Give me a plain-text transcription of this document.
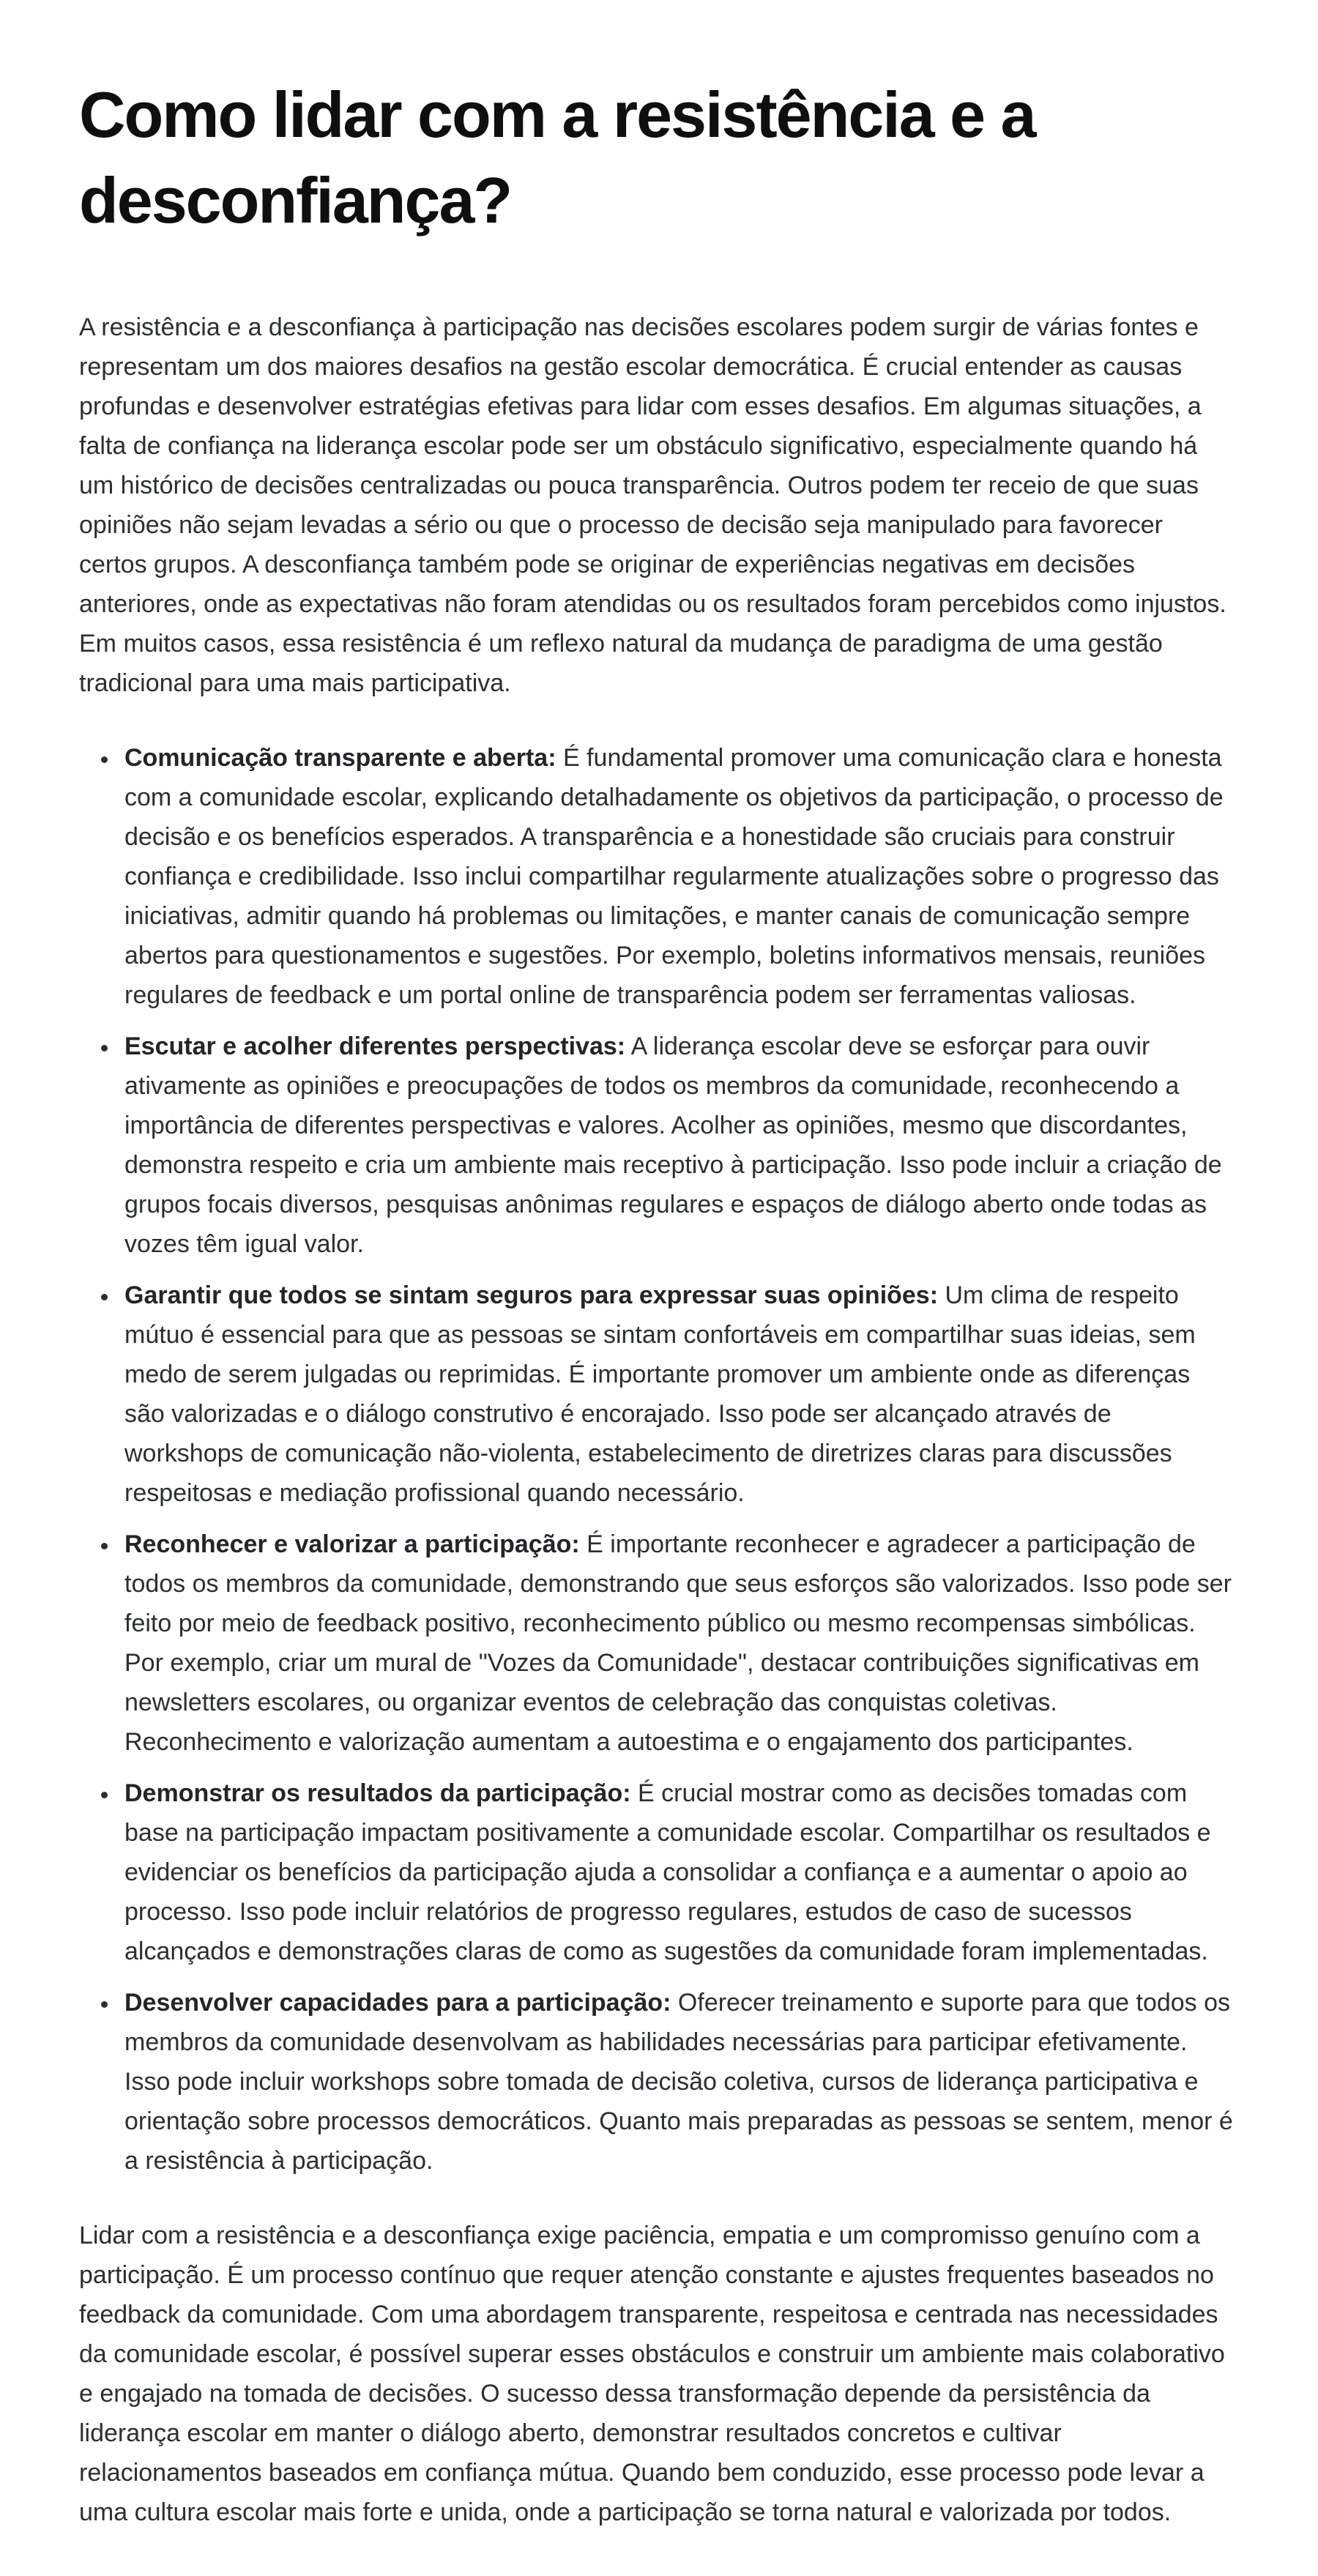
Como lidar com a resistência e a desconfiança?

A resistência e a desconfiança à participação nas decisões escolares podem surgir de várias fontes e representam um dos maiores desafios na gestão escolar democrática. É crucial entender as causas profundas e desenvolver estratégias efetivas para lidar com esses desafios. Em algumas situações, a falta de confiança na liderança escolar pode ser um obstáculo significativo, especialmente quando há um histórico de decisões centralizadas ou pouca transparência. Outros podem ter receio de que suas opiniões não sejam levadas a sério ou que o processo de decisão seja manipulado para favorecer certos grupos. A desconfiança também pode se originar de experiências negativas em decisões anteriores, onde as expectativas não foram atendidas ou os resultados foram percebidos como injustos. Em muitos casos, essa resistência é um reflexo natural da mudança de paradigma de uma gestão tradicional para uma mais participativa.

• Comunicação transparente e aberta: É fundamental promover uma comunicação clara e honesta com a comunidade escolar, explicando detalhadamente os objetivos da participação, o processo de decisão e os benefícios esperados. A transparência e a honestidade são cruciais para construir confiança e credibilidade. Isso inclui compartilhar regularmente atualizações sobre o progresso das iniciativas, admitir quando há problemas ou limitações, e manter canais de comunicação sempre abertos para questionamentos e sugestões. Por exemplo, boletins informativos mensais, reuniões regulares de feedback e um portal online de transparência podem ser ferramentas valiosas.
• Escutar e acolher diferentes perspectivas: A liderança escolar deve se esforçar para ouvir ativamente as opiniões e preocupações de todos os membros da comunidade, reconhecendo a importância de diferentes perspectivas e valores. Acolher as opiniões, mesmo que discordantes, demonstra respeito e cria um ambiente mais receptivo à participação. Isso pode incluir a criação de grupos focais diversos, pesquisas anônimas regulares e espaços de diálogo aberto onde todas as vozes têm igual valor.
• Garantir que todos se sintam seguros para expressar suas opiniões: Um clima de respeito mútuo é essencial para que as pessoas se sintam confortáveis em compartilhar suas ideias, sem medo de serem julgadas ou reprimidas. É importante promover um ambiente onde as diferenças são valorizadas e o diálogo construtivo é encorajado. Isso pode ser alcançado através de workshops de comunicação não-violenta, estabelecimento de diretrizes claras para discussões respeitosas e mediação profissional quando necessário.
• Reconhecer e valorizar a participação: É importante reconhecer e agradecer a participação de todos os membros da comunidade, demonstrando que seus esforços são valorizados. Isso pode ser feito por meio de feedback positivo, reconhecimento público ou mesmo recompensas simbólicas. Por exemplo, criar um mural de "Vozes da Comunidade", destacar contribuições significativas em newsletters escolares, ou organizar eventos de celebração das conquistas coletivas. Reconhecimento e valorização aumentam a autoestima e o engajamento dos participantes.
• Demonstrar os resultados da participação: É crucial mostrar como as decisões tomadas com base na participação impactam positivamente a comunidade escolar. Compartilhar os resultados e evidenciar os benefícios da participação ajuda a consolidar a confiança e a aumentar o apoio ao processo. Isso pode incluir relatórios de progresso regulares, estudos de caso de sucessos alcançados e demonstrações claras de como as sugestões da comunidade foram implementadas.
• Desenvolver capacidades para a participação: Oferecer treinamento e suporte para que todos os membros da comunidade desenvolvam as habilidades necessárias para participar efetivamente. Isso pode incluir workshops sobre tomada de decisão coletiva, cursos de liderança participativa e orientação sobre processos democráticos. Quanto mais preparadas as pessoas se sentem, menor é a resistência à participação.

Lidar com a resistência e a desconfiança exige paciência, empatia e um compromisso genuíno com a participação. É um processo contínuo que requer atenção constante e ajustes frequentes baseados no feedback da comunidade. Com uma abordagem transparente, respeitosa e centrada nas necessidades da comunidade escolar, é possível superar esses obstáculos e construir um ambiente mais colaborativo e engajado na tomada de decisões. O sucesso dessa transformação depende da persistência da liderança escolar em manter o diálogo aberto, demonstrar resultados concretos e cultivar relacionamentos baseados em confiança mútua. Quando bem conduzido, esse processo pode levar a uma cultura escolar mais forte e unida, onde a participação se torna natural e valorizada por todos.
